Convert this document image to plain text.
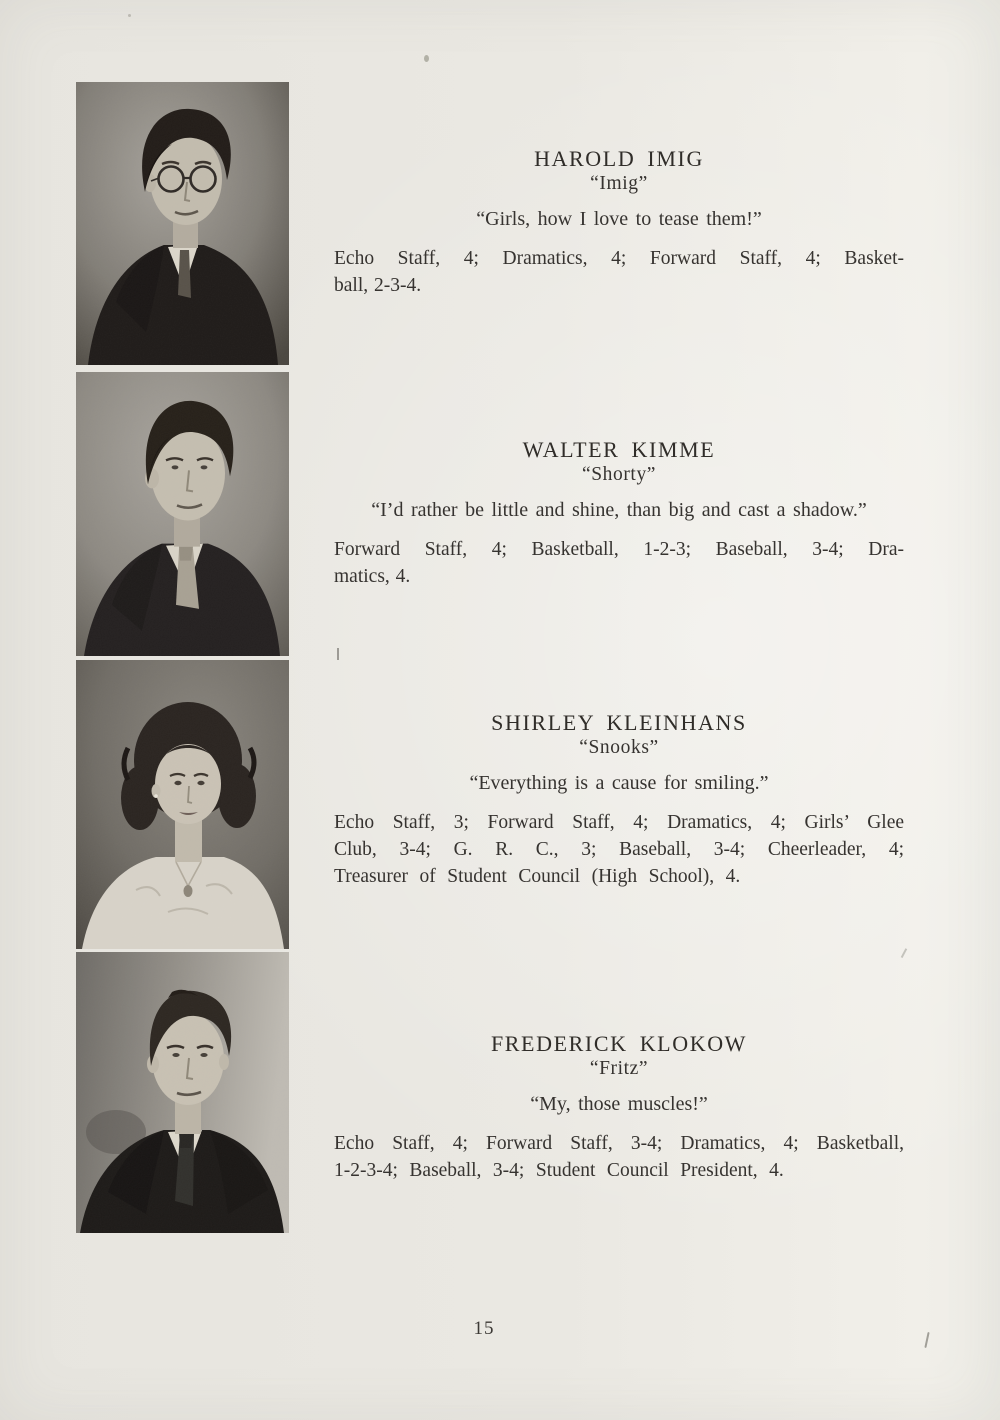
HAROLD IMIG
“Imig”
“Girls, how I love to tease them!”
Echo Staff, 4; Dramatics, 4; Forward Staff, 4; Basket-
ball, 2-3-4.
WALTER KIMME
“Shorty”
“I’d rather be little and shine, than big and cast a shadow.”
Forward Staff, 4; Basketball, 1-2-3; Baseball, 3-4; Dra-
matics, 4.
SHIRLEY KLEINHANS
“Snooks”
“Everything is a cause for smiling.”
Echo Staff, 3; Forward Staff, 4; Dramatics, 4; Girls’ Glee
Club, 3-4; G. R. C., 3; Baseball, 3-4; Cheerleader, 4;
Treasurer of Student Council (High School), 4.
FREDERICK KLOKOW
“Fritz”
“My, those muscles!”
Echo Staff, 4; Forward Staff, 3-4; Dramatics, 4; Basketball,
1-2-3-4; Baseball, 3-4; Student Council President, 4.
15
